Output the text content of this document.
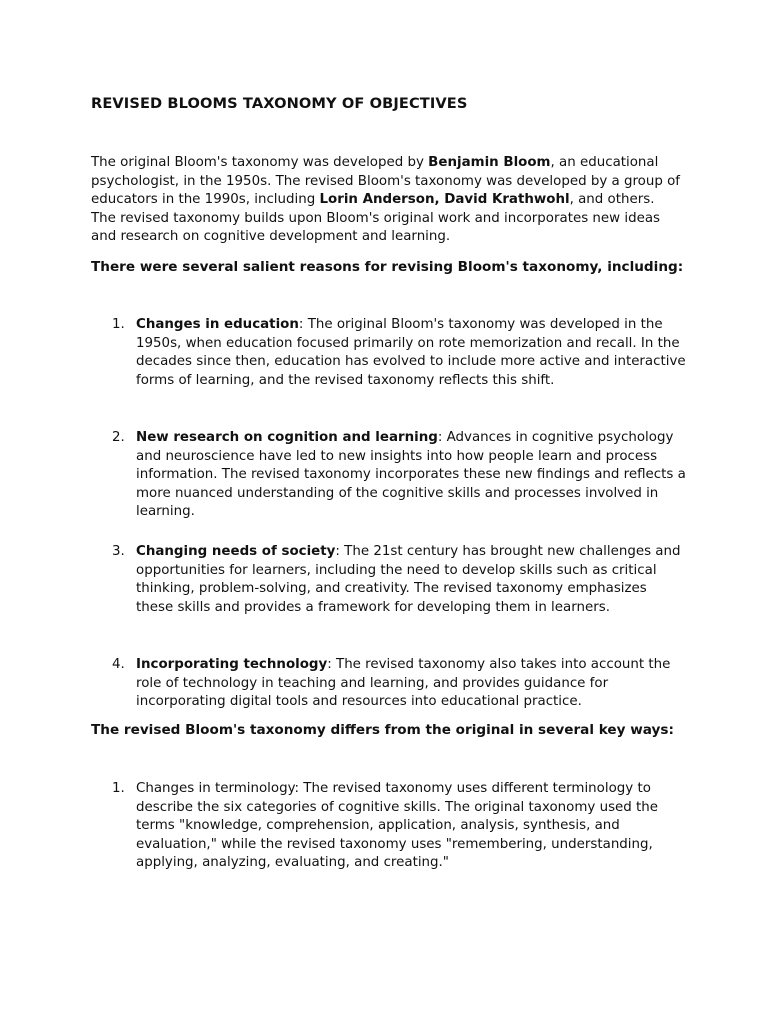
REVISED BLOOMS TAXONOMY OF OBJECTIVES

The original Bloom's taxonomy was developed by Benjamin Bloom, an educational psychologist, in the 1950s. The revised Bloom's taxonomy was developed by a group of educators in the 1990s, including Lorin Anderson, David Krathwohl, and others. The revised taxonomy builds upon Bloom's original work and incorporates new ideas and research on cognitive development and learning.

There were several salient reasons for revising Bloom's taxonomy, including:
1. Changes in education: The original Bloom's taxonomy was developed in the 1950s, when education focused primarily on rote memorization and recall. In the decades since then, education has evolved to include more active and interactive forms of learning, and the revised taxonomy reflects this shift.
2. New research on cognition and learning: Advances in cognitive psychology and neuroscience have led to new insights into how people learn and process information. The revised taxonomy incorporates these new findings and reflects a more nuanced understanding of the cognitive skills and processes involved in learning.
3. Changing needs of society: The 21st century has brought new challenges and opportunities for learners, including the need to develop skills such as critical thinking, problem-solving, and creativity. The revised taxonomy emphasizes these skills and provides a framework for developing them in learners.
4. Incorporating technology: The revised taxonomy also takes into account the role of technology in teaching and learning, and provides guidance for incorporating digital tools and resources into educational practice.
The revised Bloom's taxonomy differs from the original in several key ways:
1. Changes in terminology: The revised taxonomy uses different terminology to describe the six categories of cognitive skills. The original taxonomy used the terms "knowledge, comprehension, application, analysis, synthesis, and evaluation," while the revised taxonomy uses "remembering, understanding, applying, analyzing, evaluating, and creating."
